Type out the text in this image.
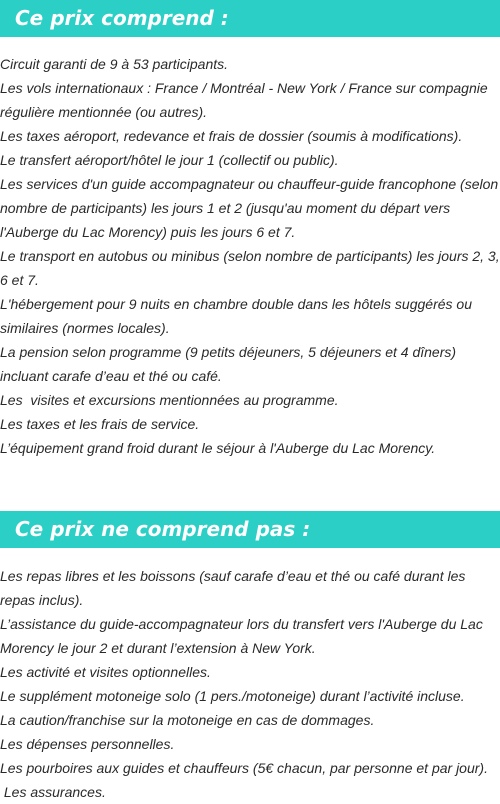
Ce prix comprend :
Circuit garanti de 9 à 53 participants.
Les vols internationaux : France / Montréal - New York / France sur compagnie régulière mentionnée (ou autres).
Les taxes aéroport, redevance et frais de dossier (soumis à modifications).
Le transfert aéroport/hôtel le jour 1 (collectif ou public).
Les services d'un guide accompagnateur ou chauffeur-guide francophone (selon nombre de participants) les jours 1 et 2 (jusqu'au moment du départ vers l'Auberge du Lac Morency) puis les jours 6 et 7.
Le transport en autobus ou minibus (selon nombre de participants) les jours 2, 3, 6 et 7.
L'hébergement pour 9 nuits en chambre double dans les hôtels suggérés ou similaires (normes locales).
La pension selon programme (9 petits déjeuners, 5 déjeuners et 4 dîners) incluant carafe d’eau et thé ou café.
Les  visites et excursions mentionnées au programme.
Les taxes et les frais de service.
L’équipement grand froid durant le séjour à l'Auberge du Lac Morency.
Ce prix ne comprend pas :
Les repas libres et les boissons (sauf carafe d’eau et thé ou café durant les repas inclus).
L’assistance du guide-accompagnateur lors du transfert vers l'Auberge du Lac Morency le jour 2 et durant l’extension à New York.
Les activité et visites optionnelles.
Le supplément motoneige solo (1 pers./motoneige) durant l’activité incluse.
La caution/franchise sur la motoneige en cas de dommages.
Les dépenses personnelles.
Les pourboires aux guides et chauffeurs (5€ chacun, par personne et par jour).
Les assurances.
